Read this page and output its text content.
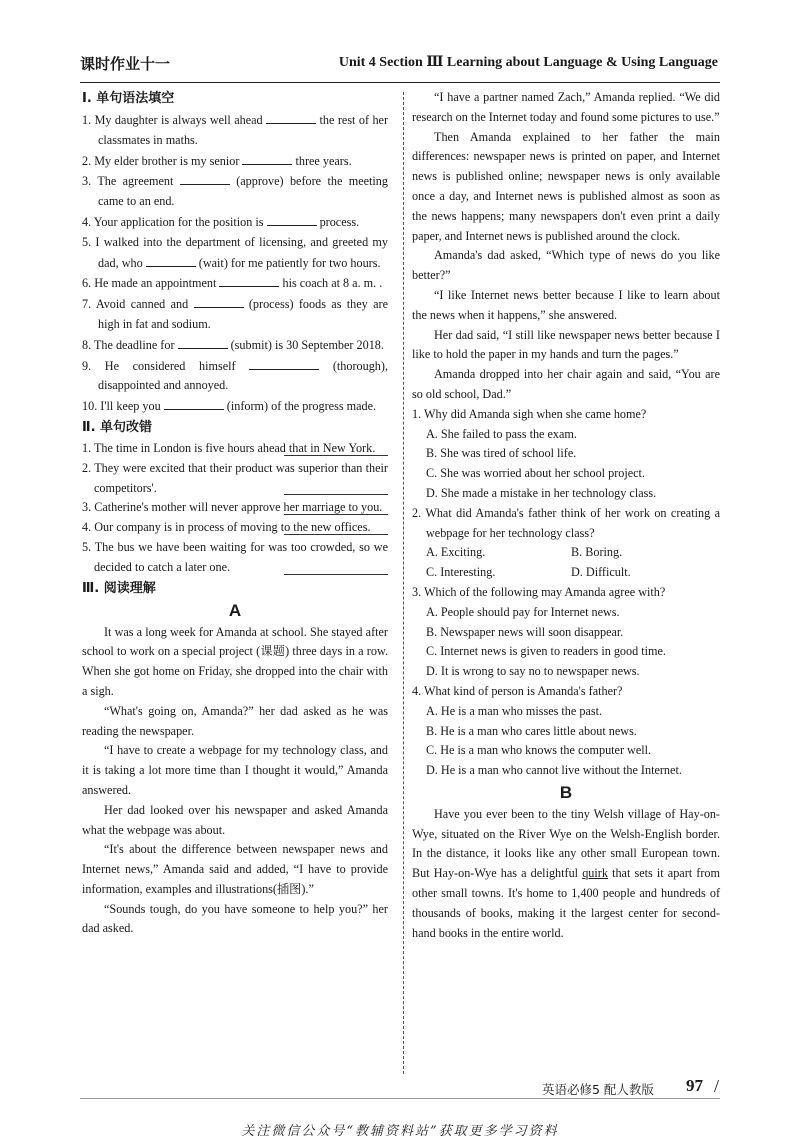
课时作业十一	Unit 4 Section Ⅲ Learning about Language & Using Language
Ⅰ. 单句语法填空
1. My daughter is always well ahead	the rest of her classmates in maths.
2. My elder brother is my senior	three years.
3. The agreement	(approve) before the meeting came to an end.
4. Your application for the position is	process.
5. I walked into the department of licensing, and greeted my dad, who	(wait) for me patiently for two hours.
6. He made an appointment	his coach at 8 a. m. .
7. Avoid canned and	(process) foods as they are high in fat and sodium.
8. The deadline for	(submit) is 30 September 2018.
9. He considered himself	(thorough), disappointed and annoyed.
10. I'll keep you	(inform) of the progress made.
Ⅱ. 单句改错
1. The time in London is five hours ahead that in New York.
2. They were excited that their product was superior than their competitors'.
3. Catherine's mother will never approve her marriage to you.
4. Our company is in process of moving to the new offices.
5. The bus we have been waiting for was too crowded, so we decided to catch a later one.
Ⅲ. 阅读理解
A
It was a long week for Amanda at school. She stayed after school to work on a special project (课题) three days in a row. When she got home on Friday, she dropped into the chair with a sigh.
“What's going on, Amanda?” her dad asked as he was reading the newspaper.
“I have to create a webpage for my technology class, and it is taking a lot more time than I thought it would,” Amanda answered.
Her dad looked over his newspaper and asked Amanda what the webpage was about.
“It's about the difference between newspaper news and Internet news,” Amanda said and added, “I have to provide information, examples and illustrations(插图).”
“Sounds tough, do you have someone to help you?” her dad asked.
“I have a partner named Zach,” Amanda replied. “We did research on the Internet today and found some pictures to use.”
Then Amanda explained to her father the main differences: newspaper news is printed on paper, and Internet news is published online; newspaper news is only available once a day, and Internet news is published almost as soon as the news happens; many newspapers don't even print a daily paper, and Internet news is published around the clock.
Amanda's dad asked, “Which type of news do you like better?”
“I like Internet news better because I like to learn about the news when it happens,” she answered.
Her dad said, “I still like newspaper news better because I like to hold the paper in my hands and turn the pages.”
Amanda dropped into her chair again and said, “You are so old school, Dad.”
1. Why did Amanda sigh when she came home?
A. She failed to pass the exam.
B. She was tired of school life.
C. She was worried about her school project.
D. She made a mistake in her technology class.
2. What did Amanda's father think of her work on creating a webpage for her technology class?
A. Exciting.	B. Boring.
C. Interesting.	D. Difficult.
3. Which of the following may Amanda agree with?
A. People should pay for Internet news.
B. Newspaper news will soon disappear.
C. Internet news is given to readers in good time.
D. It is wrong to say no to newspaper news.
4. What kind of person is Amanda's father?
A. He is a man who misses the past.
B. He is a man who cares little about news.
C. He is a man who knows the computer well.
D. He is a man who cannot live without the Internet.
B
Have you ever been to the tiny Welsh village of Hay-on-Wye, situated on the River Wye on the Welsh-English border. In the distance, it looks like any other small European town. But Hay-on-Wye has a delightful quirk that sets it apart from other small towns. It's home to 1,400 people and hundreds of thousands of books, making it the largest center for second-hand books in the entire world.
英语必修5 配人教版 97 /
关注微信公众号“教辅资料站”获取更多学习资料
